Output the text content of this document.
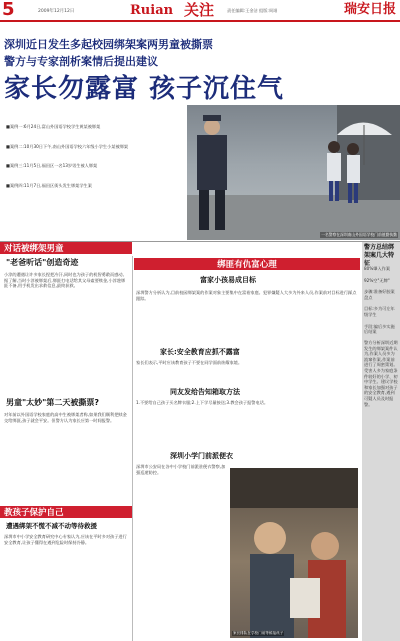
5	Ruian 关注
2009年12月12日	责任编辑:王金洁 组版:周翊	瑞安日报
深圳近日发生多起校园绑架案两男童被撕票
警方与专家剖析案情后提出建议
家长勿露富 孩子沉住气
一名警察在深圳南山外国语学校门前值勤执勤

■案例一:6月24日,富山外国语学校学生黄某被绑架

■案例二:10月30日下午,南山外国语学校六年级小学生小某被绑架

■案例三:11月5日,福田区一名13岁男生被人绑架

■案例四:11月7日,福田区街头发生绑架学生案

对话被绑架男童
"老爸听话"创造奇迹

小淳的遭遇让许多家长捏把冷汗,同时也为孩子的机智勇敢而感动。据了解,当时小淳被绑架后,绑匪打电话给其父母索要赎金,小淳趁绑匪不备,用手机发出求救信息,最终获救。

男童"太妙"第二天被撕票?

对年前以外国语学校家庭的高中生被绑架者称,如果我们顺利把赎金交给绑匪,孩子就会平安。但警方认为家长应第一时间报警。

教孩子保护自己
遭遇绑架不慌不减不动等待救援

深圳市中小学安全教育研究中心专家认为,应该在平时多对孩子进行安全教育,让孩子懂得在遇到危险时保持冷静。

绑匪有仇富心理
富家小孩易成目标

深圳警方分析认为,目前校园绑架案的作案对象主要集中在富裕家庭。犯罪嫌疑人大多为外来人员,作案前对目标进行踩点跟踪。

家长:安全教育应抓不露富

家长们表示,平时应该教育孩子不要在同学面前炫耀家境。

同友发给告知箱取方法

1.不要给自己孩子买名牌衣服;2.上下学尽量接送;3.教会孩子报警电话。

深圳小学门前派便衣

深圳市公安局在各中小学校门前派驻便衣警察,加强巡逻防控。

家长排队在学校门前等候接孩子
警方总结绑架案几大特征

80%肇入作案

92%空"无牌"

步骤:准备好胶案盘点

目标:多为可左年级学生

手段:偏后多实施后结案

警方分析深圳近期发生的绑架案件认为,作案人员多为流窜作案,作案前进行了周密策划。受害人多为家庭条件较好的小学、初中学生。建议学校和家长加强对孩子的安全教育,遇到可疑人员及时报警。
